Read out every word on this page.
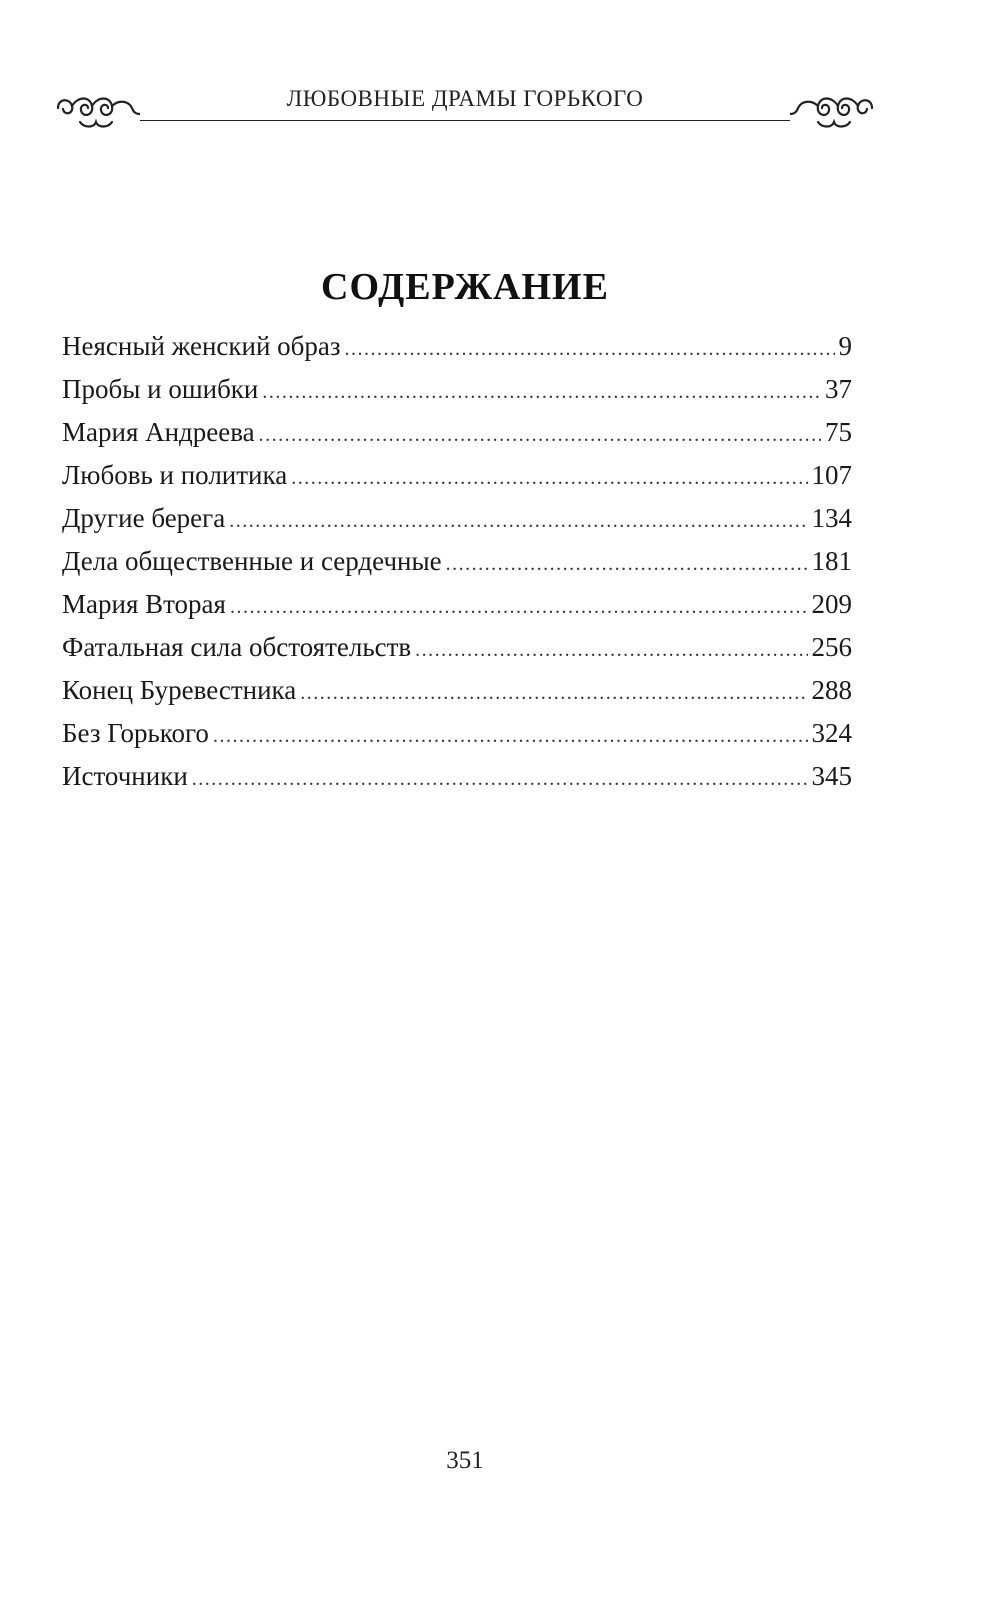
ЛЮБОВНЫЕ ДРАМЫ ГОРЬКОГО
СОДЕРЖАНИЕ
Неясный женский образ .....	9
Пробы и ошибки .....	37
Мария Андреева .....	75
Любовь и политика .....	107
Другие берега .....	134
Дела общественные и сердечные .....	181
Мария Вторая .....	209
Фатальная сила обстоятельств .....	256
Конец Буревестника .....	288
Без Горького .....	324
Источники .....	345
351
